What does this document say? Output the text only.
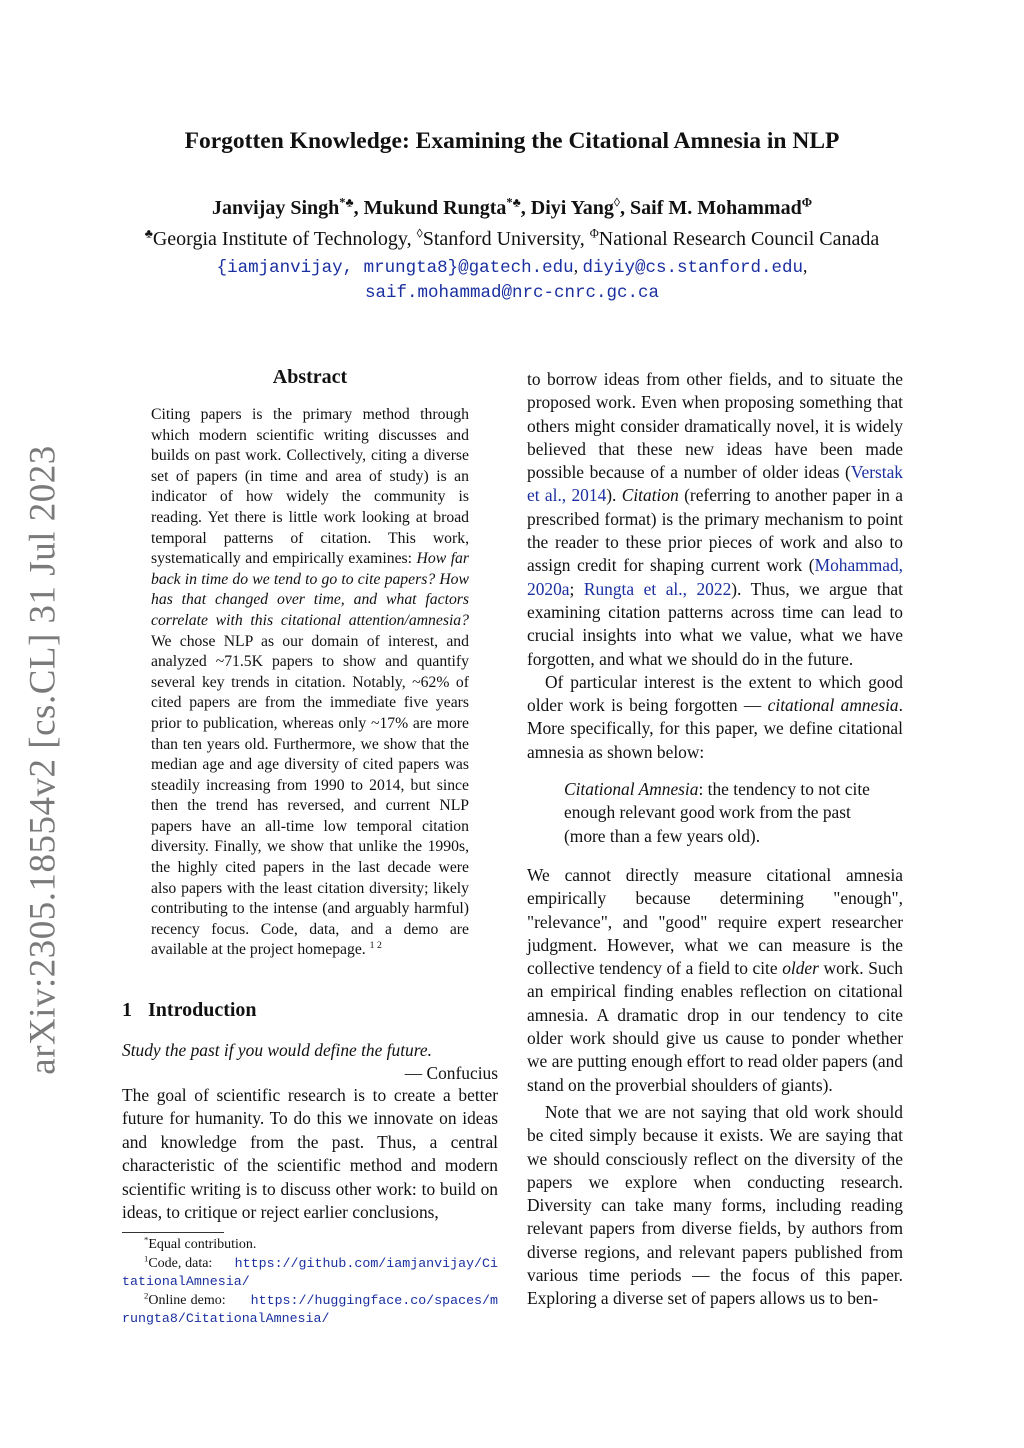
arXiv:2305.18554v2 [cs.CL] 31 Jul 2023
Forgotten Knowledge: Examining the Citational Amnesia in NLP
Janvijay Singh*♣, Mukund Rungta*♣, Diyi Yang◊, Saif M. Mohammad$^\Phi$
♣Georgia Institute of Technology, ◊Stanford University, $^\Phi$National Research Council Canada
{iamjanvijay, mrungta8}@gatech.edu, diyiy@cs.stanford.edu,
saif.mohammad@nrc-cnrc.gc.ca
Abstract
Citing papers is the primary method through which modern scientific writing discusses and builds on past work. Collectively, citing a diverse set of papers (in time and area of study) is an indicator of how widely the community is reading. Yet there is little work looking at broad temporal patterns of citation. This work, systematically and empirically examines: How far back in time do we tend to go to cite papers? How has that changed over time, and what factors correlate with this citational attention/amnesia? We chose NLP as our domain of interest, and analyzed ~71.5K papers to show and quantify several key trends in citation. Notably, ~62% of cited papers are from the immediate five years prior to publication, whereas only ~17% are more than ten years old. Furthermore, we show that the median age and age diversity of cited papers was steadily increasing from 1990 to 2014, but since then the trend has reversed, and current NLP papers have an all-time low temporal citation diversity. Finally, we show that unlike the 1990s, the highly cited papers in the last decade were also papers with the least citation diversity; likely contributing to the intense (and arguably harmful) recency focus. Code, data, and a demo are available at the project homepage. $^{1 2}$
1 Introduction
Study the past if you would define the future.
— Confucius
The goal of scientific research is to create a better future for humanity. To do this we innovate on ideas and knowledge from the past. Thus, a central characteristic of the scientific method and modern scientific writing is to discuss other work: to build on ideas, to critique or reject earlier conclusions,
*Equal contribution.
$^1$Code, data: https://github.com/iamjanvijay/CitationalAmnesia/
$^2$Online demo: https://huggingface.co/spaces/mrungta8/CitationalAmnesia/

to borrow ideas from other fields, and to situate the proposed work. Even when proposing something that others might consider dramatically novel, it is widely believed that these new ideas have been made possible because of a number of older ideas (Verstak et al., 2014). Citation (referring to another paper in a prescribed format) is the primary mechanism to point the reader to these prior pieces of work and also to assign credit for shaping current work (Mohammad, 2020a; Rungta et al., 2022). Thus, we argue that examining citation patterns across time can lead to crucial insights into what we value, what we have forgotten, and what we should do in the future.

Of particular interest is the extent to which good older work is being forgotten — citational amnesia. More specifically, for this paper, we define citational amnesia as shown below:

Citational Amnesia: the tendency to not cite enough relevant good work from the past (more than a few years old).

We cannot directly measure citational amnesia empirically because determining "enough", "relevance", and "good" require expert researcher judgment. However, what we can measure is the collective tendency of a field to cite older work. Such an empirical finding enables reflection on citational amnesia. A dramatic drop in our tendency to cite older work should give us cause to ponder whether we are putting enough effort to read older papers (and stand on the proverbial shoulders of giants).

Note that we are not saying that old work should be cited simply because it exists. We are saying that we should consciously reflect on the diversity of the papers we explore when conducting research. Diversity can take many forms, including reading relevant papers from diverse fields, by authors from diverse regions, and relevant papers published from various time periods — the focus of this paper. Exploring a diverse set of papers allows us to ben-
